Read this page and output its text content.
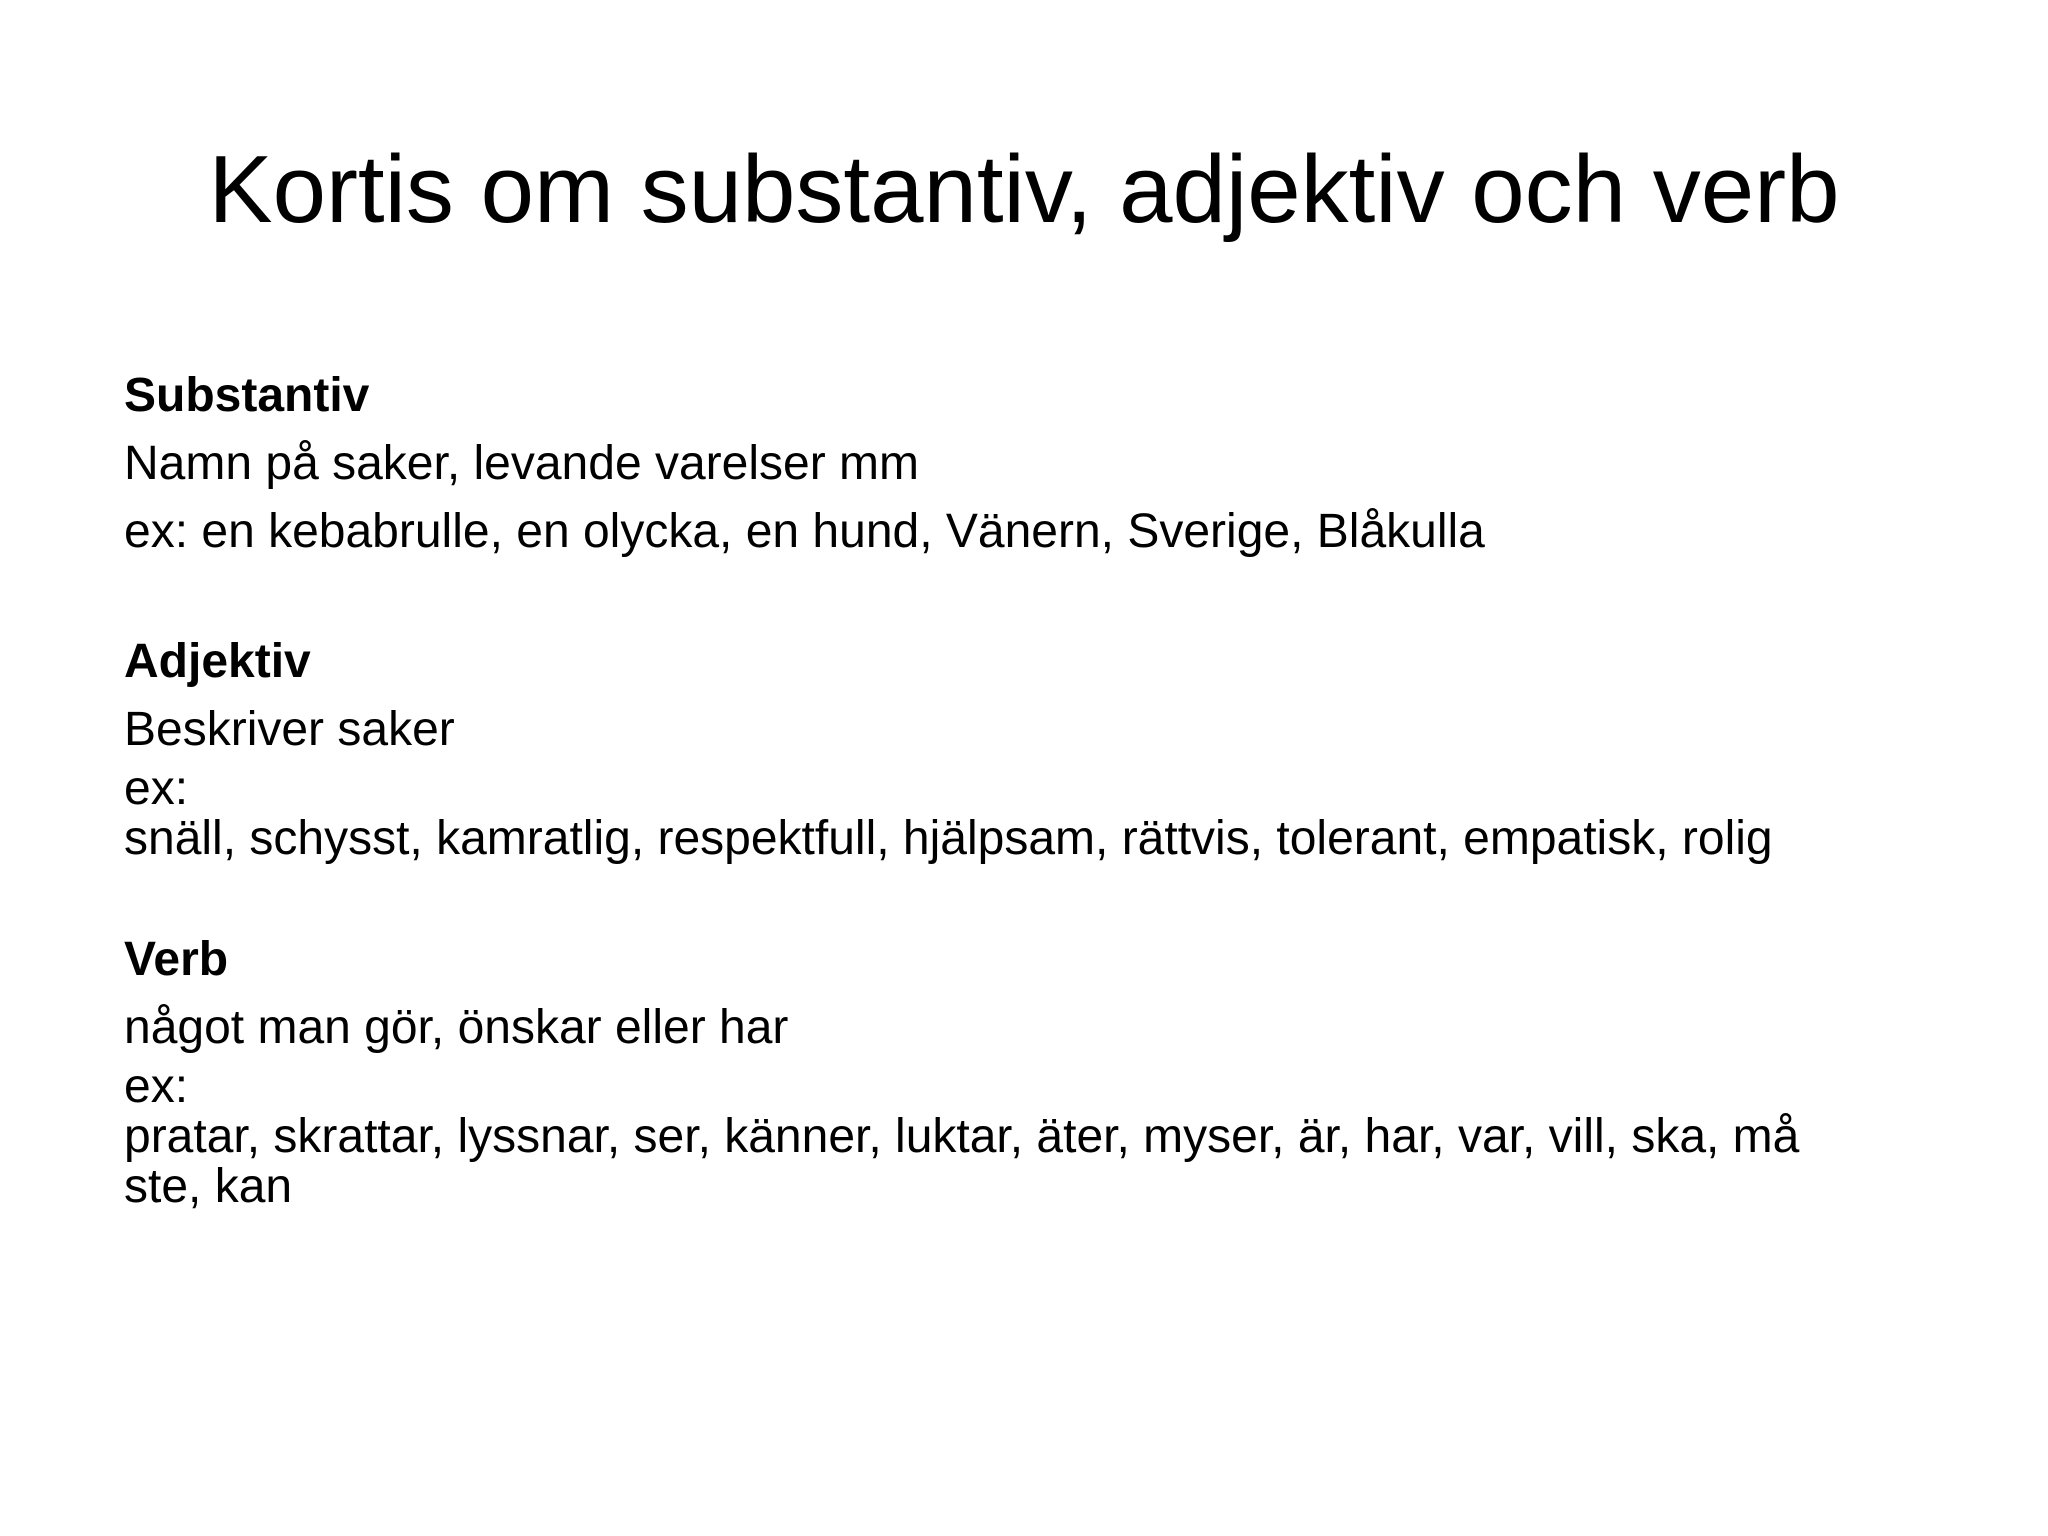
Kortis om substantiv, adjektiv och verb
Substantiv
Namn på saker, levande varelser mm
ex: en kebabrulle, en olycka, en hund, Vänern, Sverige, Blåkulla
Adjektiv
Beskriver saker
ex:
snäll, schysst, kamratlig, respektfull, hjälpsam, rättvis, tolerant, empatisk, rolig
Verb
något man gör, önskar eller har
ex:
pratar, skrattar, lyssnar, ser, känner, luktar, äter, myser, är, har, var, vill, ska, må
ste, kan
